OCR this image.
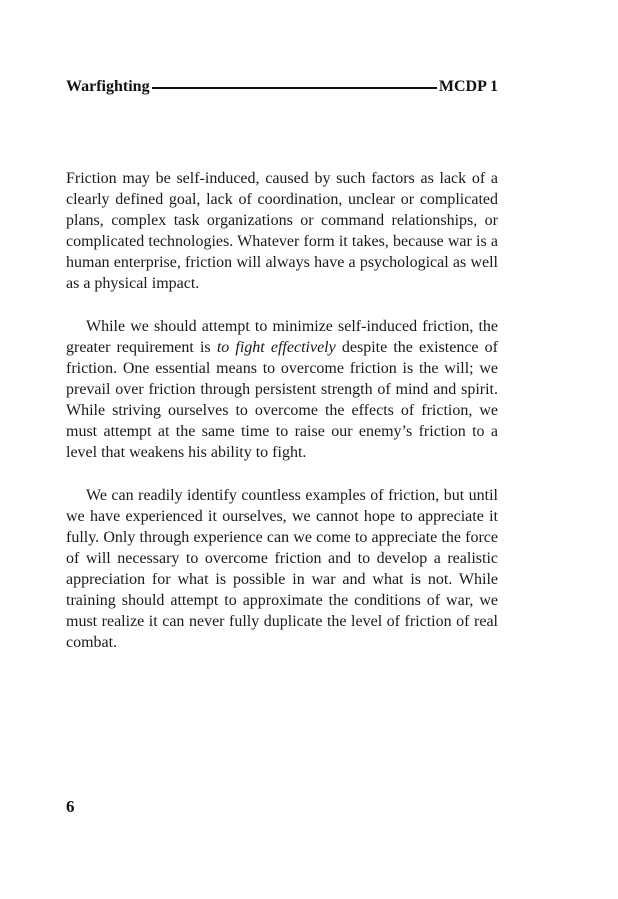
Warfighting	MCDP 1

Friction may be self-induced, caused by such factors as lack of a clearly defined goal, lack of coordination, unclear or complicated plans, complex task organizations or command relationships, or complicated technologies. Whatever form it takes, because war is a human enterprise, friction will always have a psychological as well as a physical impact.

While we should attempt to minimize self-induced friction, the greater requirement is to fight effectively despite the existence of friction. One essential means to overcome friction is the will; we prevail over friction through persistent strength of mind and spirit. While striving ourselves to overcome the effects of friction, we must attempt at the same time to raise our enemy’s friction to a level that weakens his ability to fight.

We can readily identify countless examples of friction, but until we have experienced it ourselves, we cannot hope to appreciate it fully. Only through experience can we come to appreciate the force of will necessary to overcome friction and to develop a realistic appreciation for what is possible in war and what is not. While training should attempt to approximate the conditions of war, we must realize it can never fully duplicate the level of friction of real combat.

6
